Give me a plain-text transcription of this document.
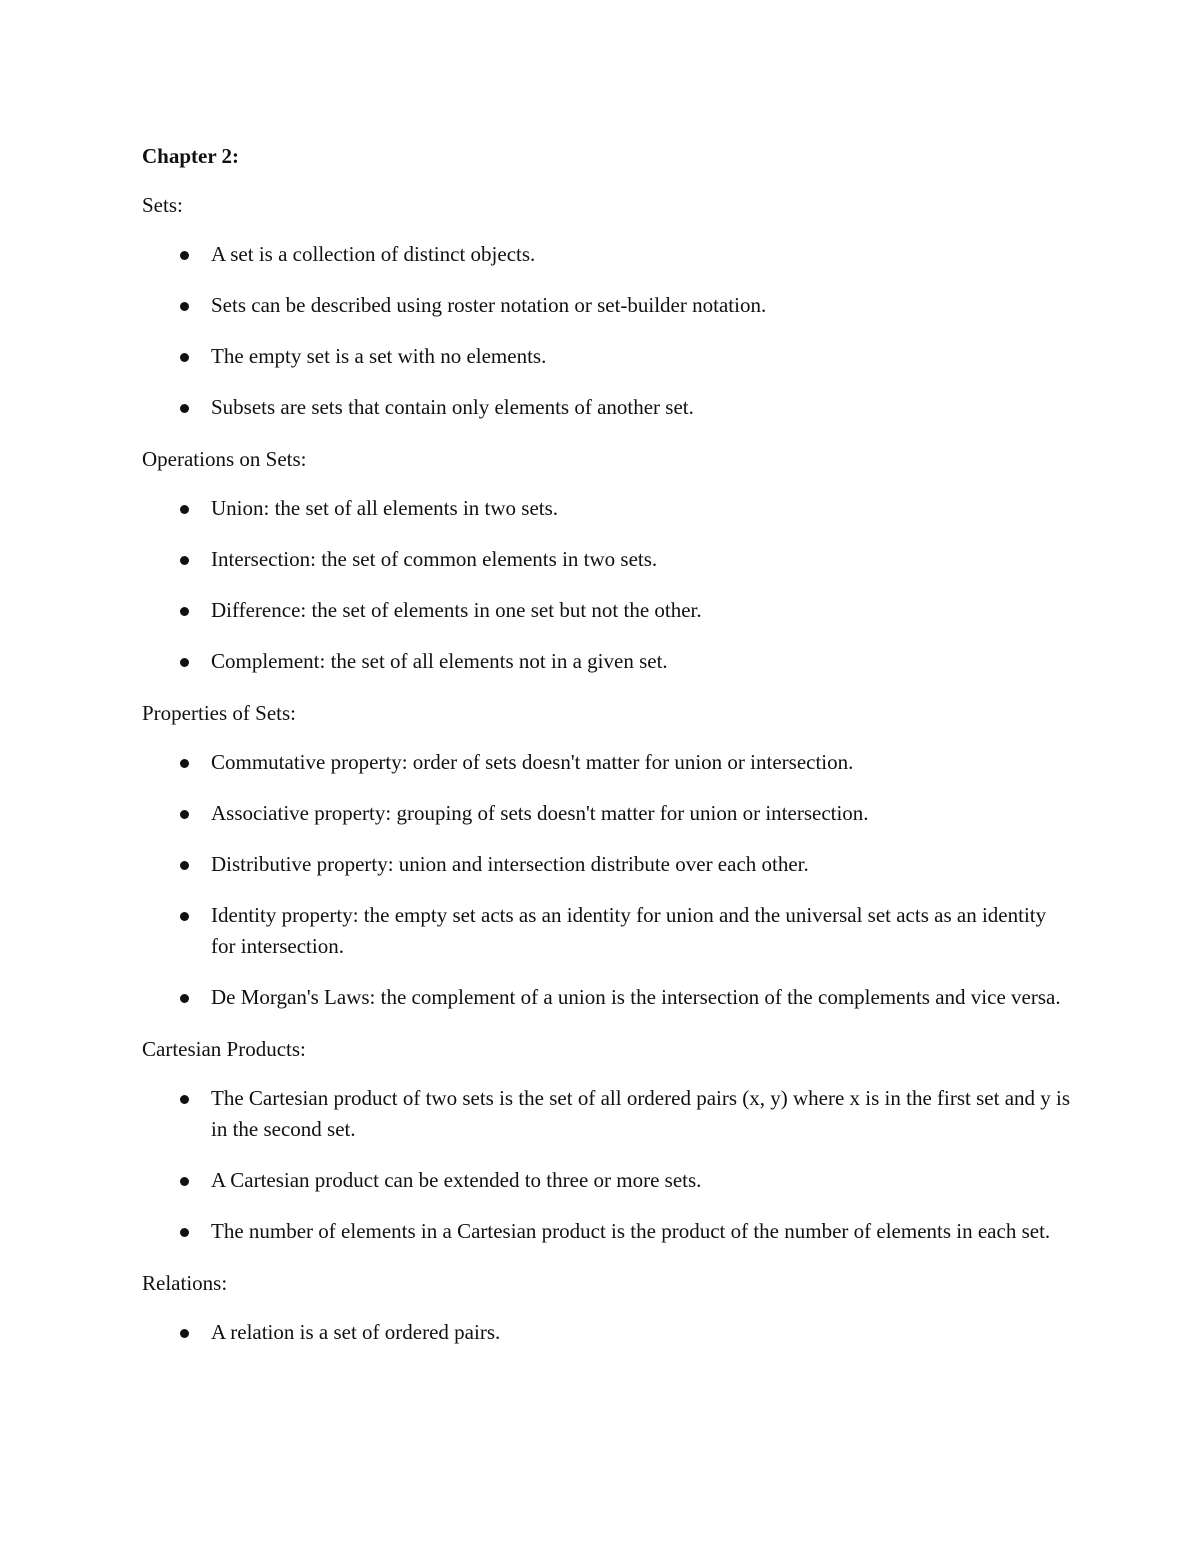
Chapter 2:
Sets:
A set is a collection of distinct objects.
Sets can be described using roster notation or set-builder notation.
The empty set is a set with no elements.
Subsets are sets that contain only elements of another set.
Operations on Sets:
Union: the set of all elements in two sets.
Intersection: the set of common elements in two sets.
Difference: the set of elements in one set but not the other.
Complement: the set of all elements not in a given set.
Properties of Sets:
Commutative property: order of sets doesn't matter for union or intersection.
Associative property: grouping of sets doesn't matter for union or intersection.
Distributive property: union and intersection distribute over each other.
Identity property: the empty set acts as an identity for union and the universal set acts as an identity for intersection.
De Morgan's Laws: the complement of a union is the intersection of the complements and vice versa.
Cartesian Products:
The Cartesian product of two sets is the set of all ordered pairs (x, y) where x is in the first set and y is in the second set.
A Cartesian product can be extended to three or more sets.
The number of elements in a Cartesian product is the product of the number of elements in each set.
Relations:
A relation is a set of ordered pairs.
